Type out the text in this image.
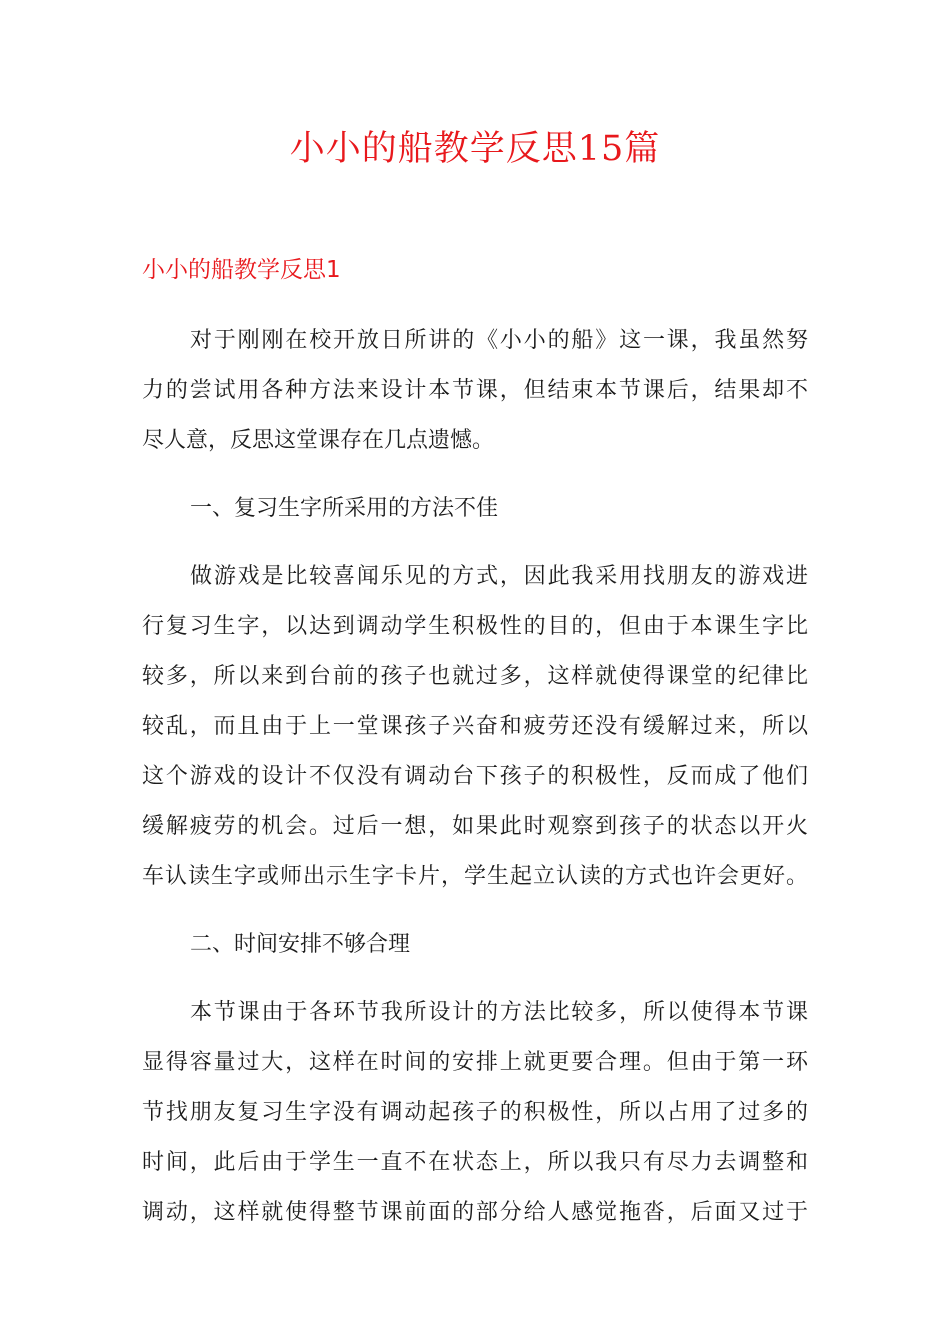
小小的船教学反思15篇
小小的船教学反思1
对于刚刚在校开放日所讲的《小小的船》这一课，我虽然努
力的尝试用各种方法来设计本节课，但结束本节课后，结果却不
尽人意，反思这堂课存在几点遗憾。
一、复习生字所采用的方法不佳
做游戏是比较喜闻乐见的方式，因此我采用找朋友的游戏进
行复习生字，以达到调动学生积极性的目的，但由于本课生字比
较多，所以来到台前的孩子也就过多，这样就使得课堂的纪律比
较乱，而且由于上一堂课孩子兴奋和疲劳还没有缓解过来，所以
这个游戏的设计不仅没有调动台下孩子的积极性，反而成了他们
缓解疲劳的机会。过后一想，如果此时观察到孩子的状态以开火
车认读生字或师出示生字卡片，学生起立认读的方式也许会更好。
二、时间安排不够合理
本节课由于各环节我所设计的方法比较多，所以使得本节课
显得容量过大，这样在时间的安排上就更要合理。但由于第一环
节找朋友复习生字没有调动起孩子的积极性，所以占用了过多的
时间，此后由于学生一直不在状态上，所以我只有尽力去调整和
调动，这样就使得整节课前面的部分给人感觉拖沓，后面又过于
